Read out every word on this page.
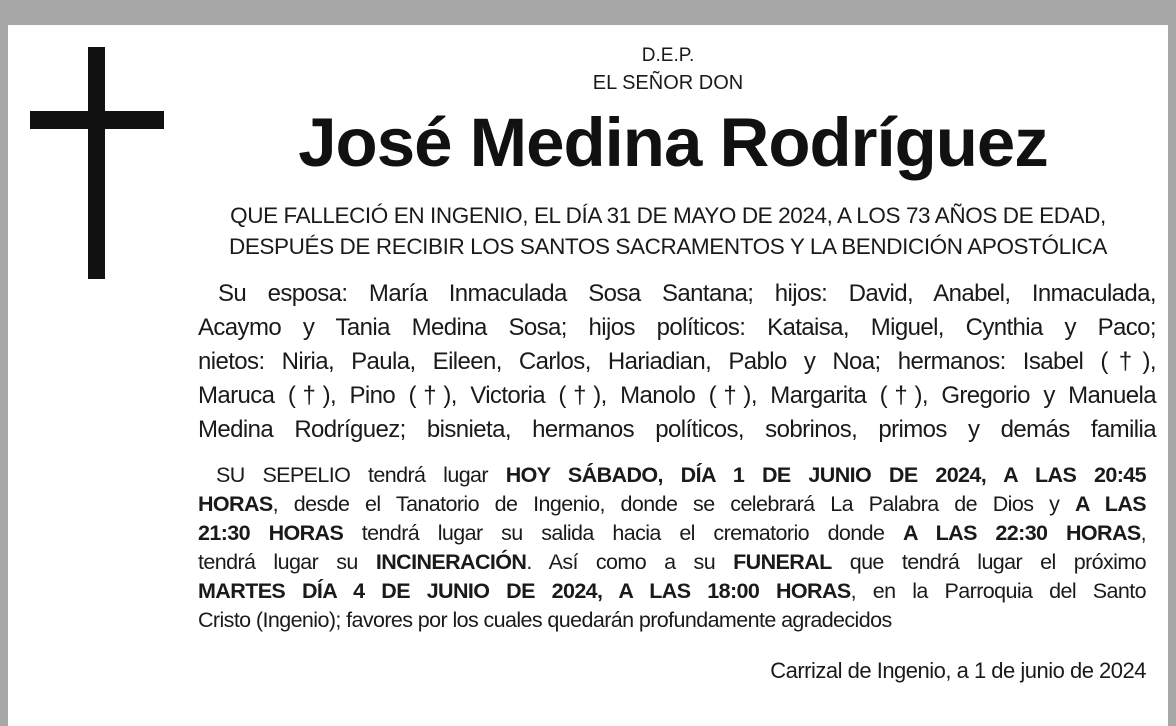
D.E.P.
EL SEÑOR DON
José Medina Rodríguez
QUE FALLECIÓ EN INGENIO, EL DÍA 31 DE MAYO DE 2024, A LOS 73 AÑOS DE EDAD,
DESPUÉS DE RECIBIR LOS SANTOS SACRAMENTOS Y LA BENDICIÓN APOSTÓLICA
Su esposa: María Inmaculada Sosa Santana; hijos: David, Anabel, Inmaculada,
Acaymo y Tania Medina Sosa; hijos políticos: Kataisa, Miguel, Cynthia y Paco;
nietos: Niria, Paula, Eileen, Carlos, Hariadian, Pablo y Noa; hermanos: Isabel (†),
Maruca (†), Pino (†), Victoria (†), Manolo (†), Margarita (†), Gregorio y Manuela
Medina Rodríguez; bisnieta, hermanos políticos, sobrinos, primos y demás familia
SU SEPELIO tendrá lugar HOY SÁBADO, DÍA 1 DE JUNIO DE 2024, A LAS 20:45
HORAS, desde el Tanatorio de Ingenio, donde se celebrará La Palabra de Dios y A LAS
21:30 HORAS tendrá lugar su salida hacia el crematorio donde A LAS 22:30 HORAS,
tendrá lugar su INCINERACIÓN. Así como a su FUNERAL que tendrá lugar el próximo
MARTES DÍA 4 DE JUNIO DE 2024, A LAS 18:00 HORAS, en la Parroquia del Santo
Cristo (Ingenio); favores por los cuales quedarán profundamente agradecidos
Carrizal de Ingenio, a 1 de junio de 2024
